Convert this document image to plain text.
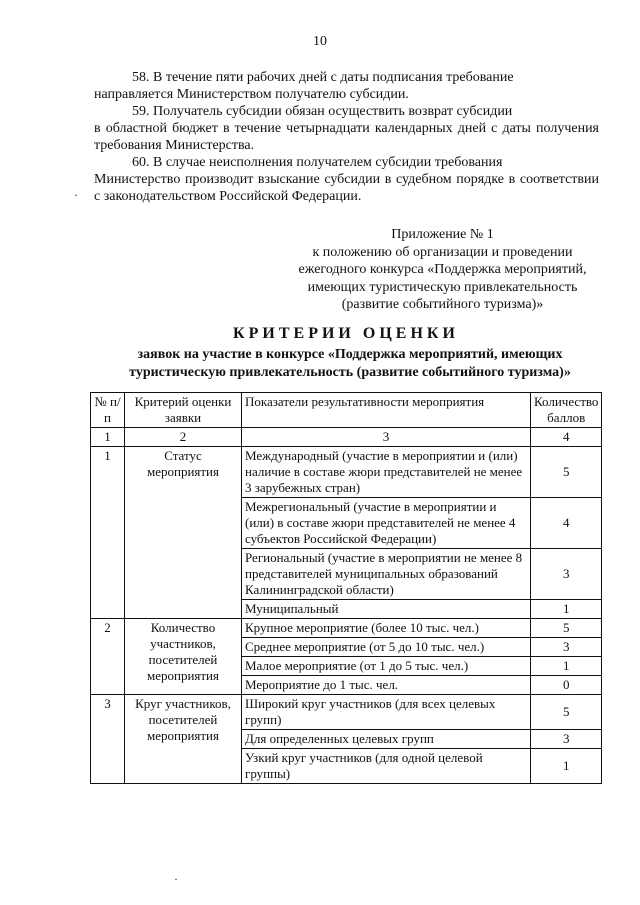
10

58. В течение пяти рабочих дней с даты подписания требование
направляется Министерством получателю субсидии.

59. Получатель субсидии обязан осуществить возврат субсидии
в областной бюджет в течение четырнадцати календарных дней с даты получения требования Министерства.

60. В случае неисполнения получателем субсидии требования
Министерство производит взыскание субсидии в судебном порядке в соответствии с законодательством Российской Федерации.

·
Приложение № 1
к положению об организации и проведении
ежегодного конкурса «Поддержка мероприятий,
имеющих туристическую привлекательность
(развитие событийного туризма)»
КРИТЕРИИ ОЦЕНКИ
заявок на участие в конкурсе «Поддержка мероприятий, имеющих
туристическую привлекательность (развитие событийного туризма)»
№ п/п	Критерий оценки заявки	Показатели результативности мероприятия	Количество баллов
1	2	3	4
1	Статус мероприятия	Международный (участие в мероприятии и (или) наличие в составе жюри представителей не менее 3 зарубежных стран)	5
		Межрегиональный (участие в мероприятии и (или) в составе жюри представителей не менее 4 субъектов Российской Федерации)	4
		Региональный (участие в мероприятии не менее 8 представителей муниципальных образований Калининградской области)	3
		Муниципальный	1
2	Количество участников, посетителей мероприятия	Крупное мероприятие (более 10 тыс. чел.)	5
		Среднее мероприятие (от 5 до 10 тыс. чел.)	3
		Малое мероприятие (от 1 до 5 тыс. чел.)	1
		Мероприятие до 1 тыс. чел.	0
3	Круг участников, посетителей мероприятия	Широкий круг участников (для всех целевых групп)	5
		Для определенных целевых групп	3
		Узкий круг участников (для одной целевой группы)	1
·
